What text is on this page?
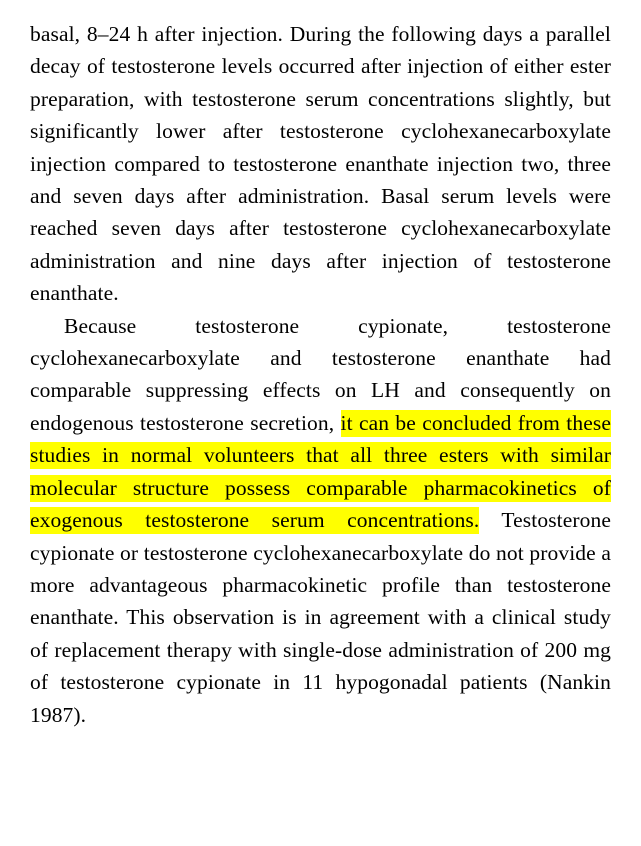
basal, 8–24 h after injection. During the following days a parallel decay of testosterone levels occurred after injection of either ester preparation, with testosterone serum concentrations slightly, but significantly lower after testosterone cyclohexanecarboxylate injection compared to testosterone enanthate injection two, three and seven days after administration. Basal serum levels were reached seven days after testosterone cyclohexanecarboxylate administration and nine days after injection of testosterone enanthate.

Because testosterone cypionate, testosterone cyclohexanecarboxylate and testosterone enanthate had comparable suppressing effects on LH and consequently on endogenous testosterone secretion, it can be concluded from these studies in normal volunteers that all three esters with similar molecular structure possess comparable pharmacokinetics of exogenous testosterone serum concentrations. Testosterone cypionate or testosterone cyclohexanecarboxylate do not provide a more advantageous pharmacokinetic profile than testosterone enanthate. This observation is in agreement with a clinical study of replacement therapy with single-dose administration of 200 mg of testosterone cypionate in 11 hypogonadal patients (Nankin 1987).
